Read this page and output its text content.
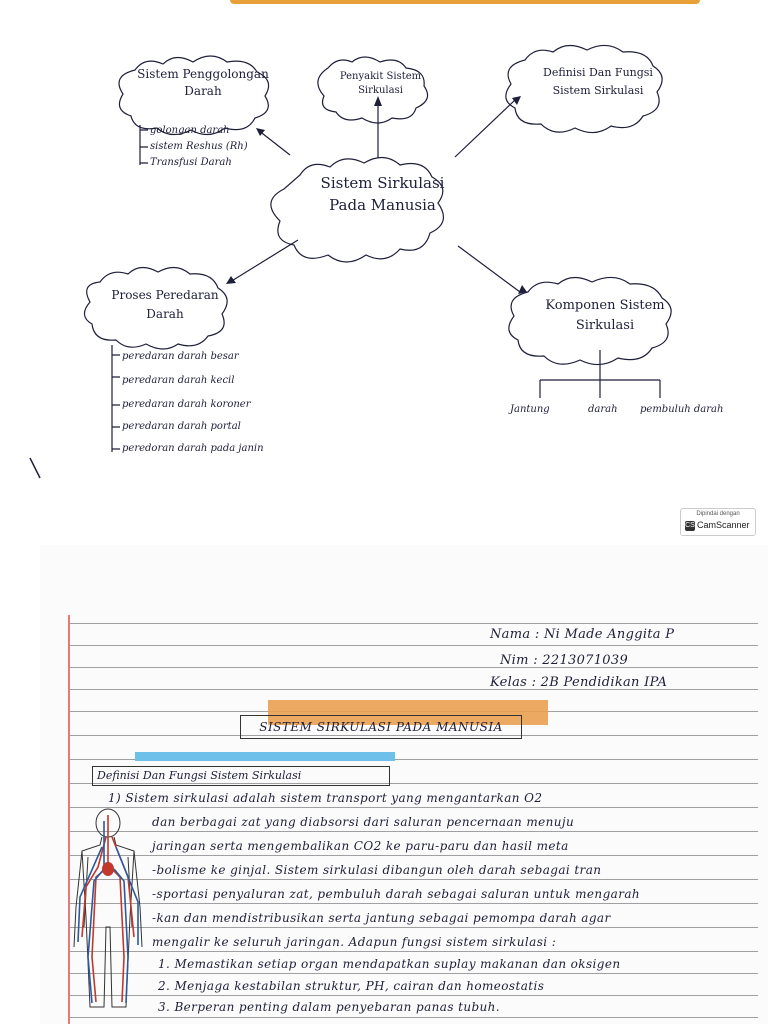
Sistem Sirkulasi
Pada Manusia
Sistem Penggolongan
Darah
Penyakit Sistem
Sirkulasi
Definisi Dan Fungsi
Sistem Sirkulasi
Proses Peredaran
Darah
Komponen Sistem
Sirkulasi
golongan darah
sistem Reshus (Rh)
Transfusi Darah
peredaran darah besar
peredaran darah kecil
peredaran darah koroner
peredaran darah portal
peredoran darah pada janin
Jantung	darah pembuluh darah
Dipindai dengan
CS CamScanner
Nama : Ni Made Anggita P
Nim : 2213071039
Kelas : 2B Pendidikan IPA
SISTEM SIRKULASI PADA MANUSIA
Definisi Dan Fungsi Sistem Sirkulasi
1) Sistem sirkulasi adalah sistem transport yang mengantarkan O2
dan berbagai zat yang diabsorsi dari saluran pencernaan menuju
jaringan serta mengembalikan CO2 ke paru-paru dan hasil meta
-bolisme ke ginjal. Sistem sirkulasi dibangun oleh darah sebagai tran
-sportasi penyaluran zat, pembuluh darah sebagai saluran untuk mengarah
-kan dan mendistribusikan serta jantung sebagai pemompa darah agar
mengalir ke seluruh jaringan. Adapun fungsi sistem sirkulasi :
1. Memastikan setiap organ mendapatkan suplay makanan dan oksigen
2. Menjaga kestabilan struktur, PH, cairan dan homeostatis
3. Berperan penting dalam penyebaran panas tubuh.
